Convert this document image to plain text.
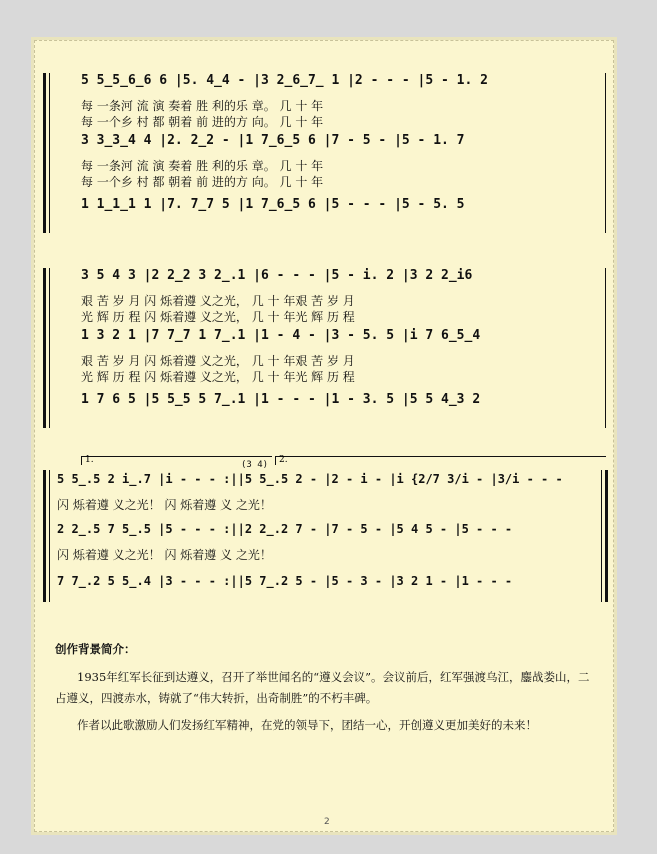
5 5̲5̲6̲6 6 |5. 4̲4 - |3 2̲6̲7̲ 1 |2 - - - |5 - 1. 2
每 一条河 流 演 奏着 胜 利的乐 章。 几 十 年
每 一个乡 村 都 朝着 前 进的方 向。 几 十 年
3 3̲3̲4 4 |2. 2̲2 - |1 7̲6̲5 6 |7 - 5 - |5 - 1. 7
每 一条河 流 演 奏着 胜 利的乐 章。 几 十 年
每 一个乡 村 都 朝着 前 进的方 向。 几 十 年
1 1̲1̲1 1 |7. 7̲7 5 |1 7̲6̲5 6 |5 - - - |5 - 5. 5
3 5 4 3 |2 2̲2 3 2̲.1 |6 - - - |5 - i. 2 |3 2 2̲i6
艰 苦 岁 月 闪 烁着遵 义之光， 几 十 年艰 苦 岁 月
光 辉 历 程 闪 烁着遵 义之光， 几 十 年光 辉 历 程
1 3 2 1 |7 7̲7 1 7̲.1 |1 - 4 - |3 - 5. 5 |i 7 6̲5̲4
艰 苦 岁 月 闪 烁着遵 义之光， 几 十 年艰 苦 岁 月
光 辉 历 程 闪 烁着遵 义之光， 几 十 年光 辉 历 程
1 7 6 5 |5 5̲5 5 7̲.1 |1 - - - |1 - 3. 5 |5 5 4̲3 2
1.	2.
(3 4)
5 5̲.5 2 i̲.7 |i - - - :||5 5̲.5 2 - |2 - i - |i {2/7 3/i - |3/i - - -
闪 烁着遵 义之光！ 闪 烁着遵 义 之光！
2 2̲.5 7 5̲.5 |5 - - - :||2 2̲.2 7 - |7 - 5 - |5 4 5 - |5 - - -
闪 烁着遵 义之光！ 闪 烁着遵 义 之光！
7 7̲.2 5 5̲.4 |3 - - - :||5 7̲.2 5 - |5 - 3 - |3 2 1 - |1 - - -
创作背景简介：

1935年红军长征到达遵义，召开了举世闻名的“遵义会议”。会议前后，红军强渡乌江，鏖战娄山，二占遵义，四渡赤水，铸就了“伟大转折，出奇制胜”的不朽丰碑。

作者以此歌激励人们发扬红军精神，在党的领导下，团结一心，开创遵义更加美好的未来！

2
